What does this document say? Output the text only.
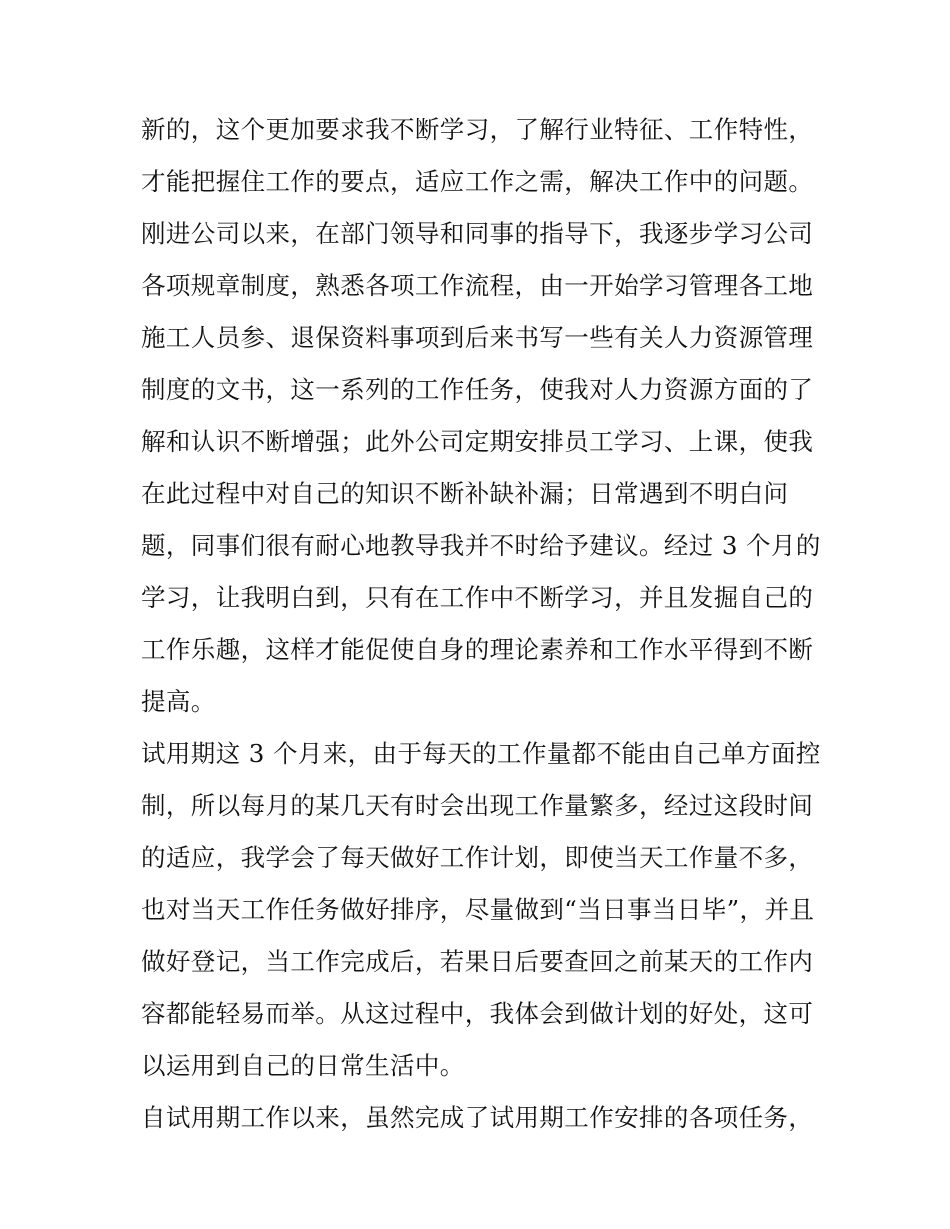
新的，这个更加要求我不断学习，了解行业特征、工作特性，
才能把握住工作的要点，适应工作之需，解决工作中的问题。
刚进公司以来，在部门领导和同事的指导下，我逐步学习公司
各项规章制度，熟悉各项工作流程，由一开始学习管理各工地
施工人员参、退保资料事项到后来书写一些有关人力资源管理
制度的文书，这一系列的工作任务，使我对人力资源方面的了
解和认识不断增强；此外公司定期安排员工学习、上课，使我
在此过程中对自己的知识不断补缺补漏；日常遇到不明白问
题，同事们很有耐心地教导我并不时给予建议。经过 3 个月的
学习，让我明白到，只有在工作中不断学习，并且发掘自己的
工作乐趣，这样才能促使自身的理论素养和工作水平得到不断
提高。
试用期这 3 个月来，由于每天的工作量都不能由自己单方面控
制，所以每月的某几天有时会出现工作量繁多，经过这段时间
的适应，我学会了每天做好工作计划，即使当天工作量不多，
也对当天工作任务做好排序，尽量做到“当日事当日毕”，并且
做好登记，当工作完成后，若果日后要查回之前某天的工作内
容都能轻易而举。从这过程中，我体会到做计划的好处，这可
以运用到自己的日常生活中。
自试用期工作以来，虽然完成了试用期工作安排的各项任务，
